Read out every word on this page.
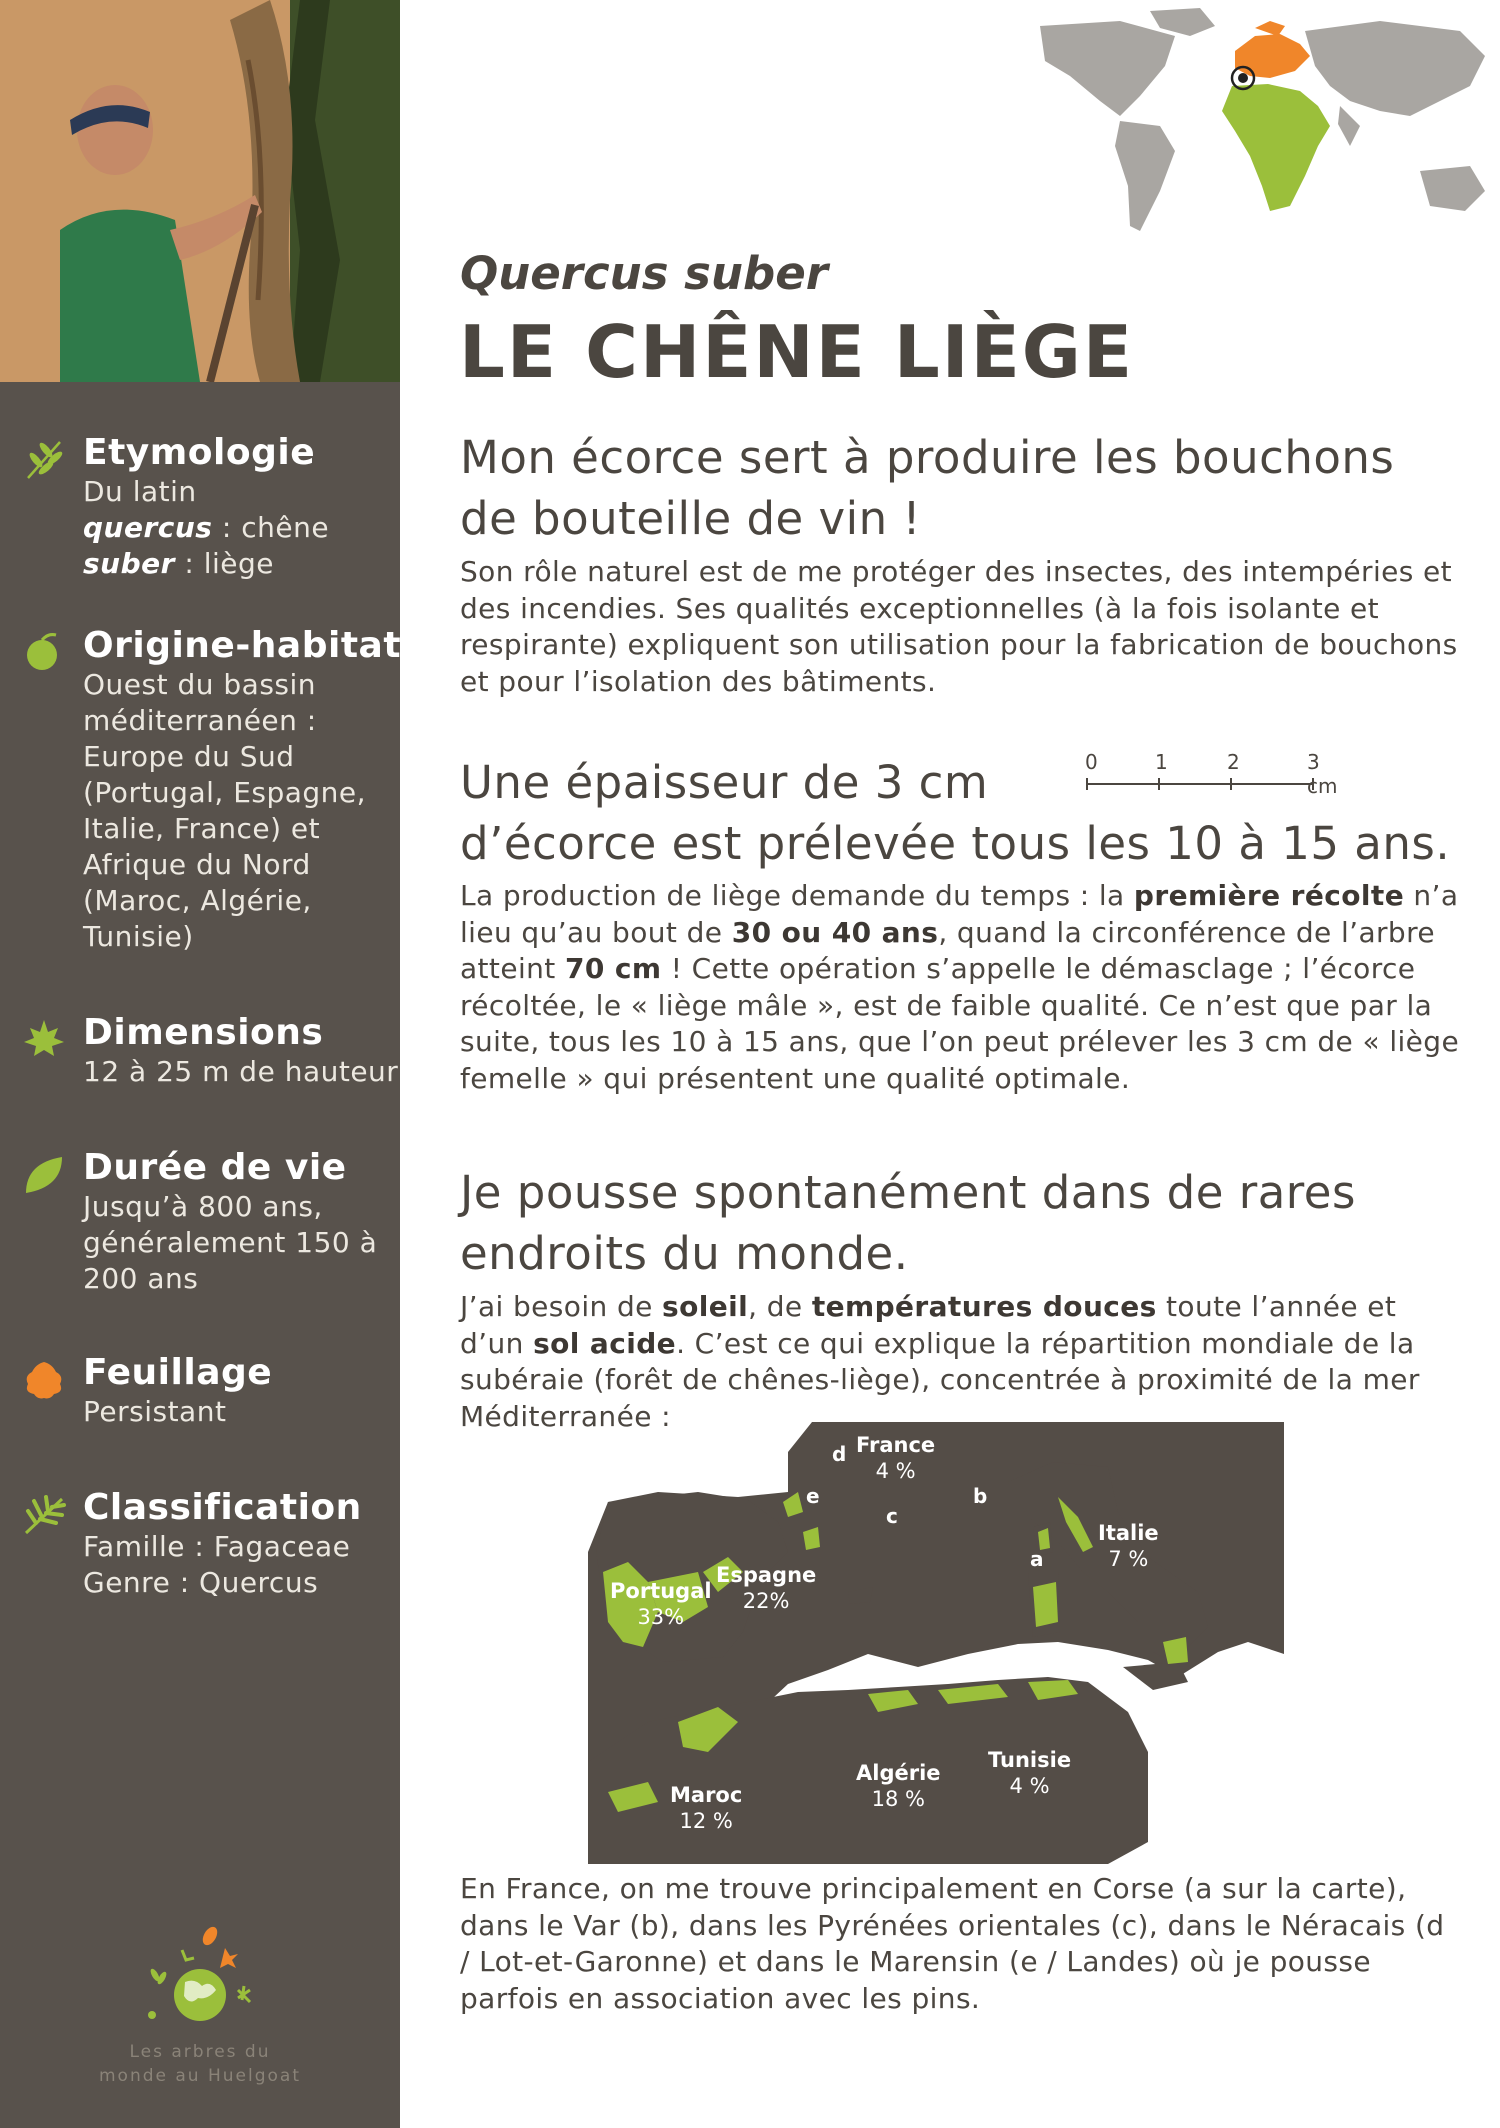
Etymologie
Du latin
quercus : chêne
suber : liège
Origine-habitat
Ouest du bassin méditerranéen : Europe du Sud (Portugal, Espagne, Italie, France) et Afrique du Nord (Maroc, Algérie, Tunisie)
Dimensions
12 à 25 m de hauteur
Durée de vie
Jusqu’à 800 ans, généralement 150 à 200 ans
Feuillage
Persistant
Classification
Famille : Fagaceae
Genre : Quercus
Les arbres du
monde au Huelgoat
Quercus suber
LE CHÊNE LIÈGE
Mon écorce sert à produire les bouchons de bouteille de vin !
Son rôle naturel est de me protéger des insectes, des intempéries et des incendies. Ses qualités exceptionnelles (à la fois isolante et respirante) expliquent son utilisation pour la fabrication de bouchons et pour l’isolation des bâtiments.
Une épaisseur de 3 cm
d’écorce est prélevée tous les 10 à 15 ans.
0	1	2	3 cm
La production de liège demande du temps : la première récolte n’a lieu qu’au bout de 30 ou 40 ans, quand la circonférence de l’arbre atteint 70 cm ! Cette opération s’appelle le démasclage ; l’écorce récoltée, le « liège mâle », est de faible qualité. Ce n’est que par la suite, tous les 10 à 15 ans, que l’on peut prélever les 3 cm de « liège femelle » qui présentent une qualité optimale.
Je pousse spontanément dans de rares endroits du monde.
J’ai besoin de soleil, de températures douces toute l’année et d’un sol acide. C’est ce qui explique la répartition mondiale de la subéraie (forêt de chênes-liège), concentrée à proximité de la mer Méditerranée :
France
4 %
Italie
7 %
Espagne
22%
Portugal
33%
Algérie
18 %
Tunisie
4 %
Maroc
12 %
a
b
c
d
e
En France, on me trouve principalement en Corse (a sur la carte), dans le Var (b), dans les Pyrénées orientales (c), dans le Néracais (d / Lot-et-Garonne) et dans le Marensin (e / Landes) où je pousse parfois en association avec les pins.
